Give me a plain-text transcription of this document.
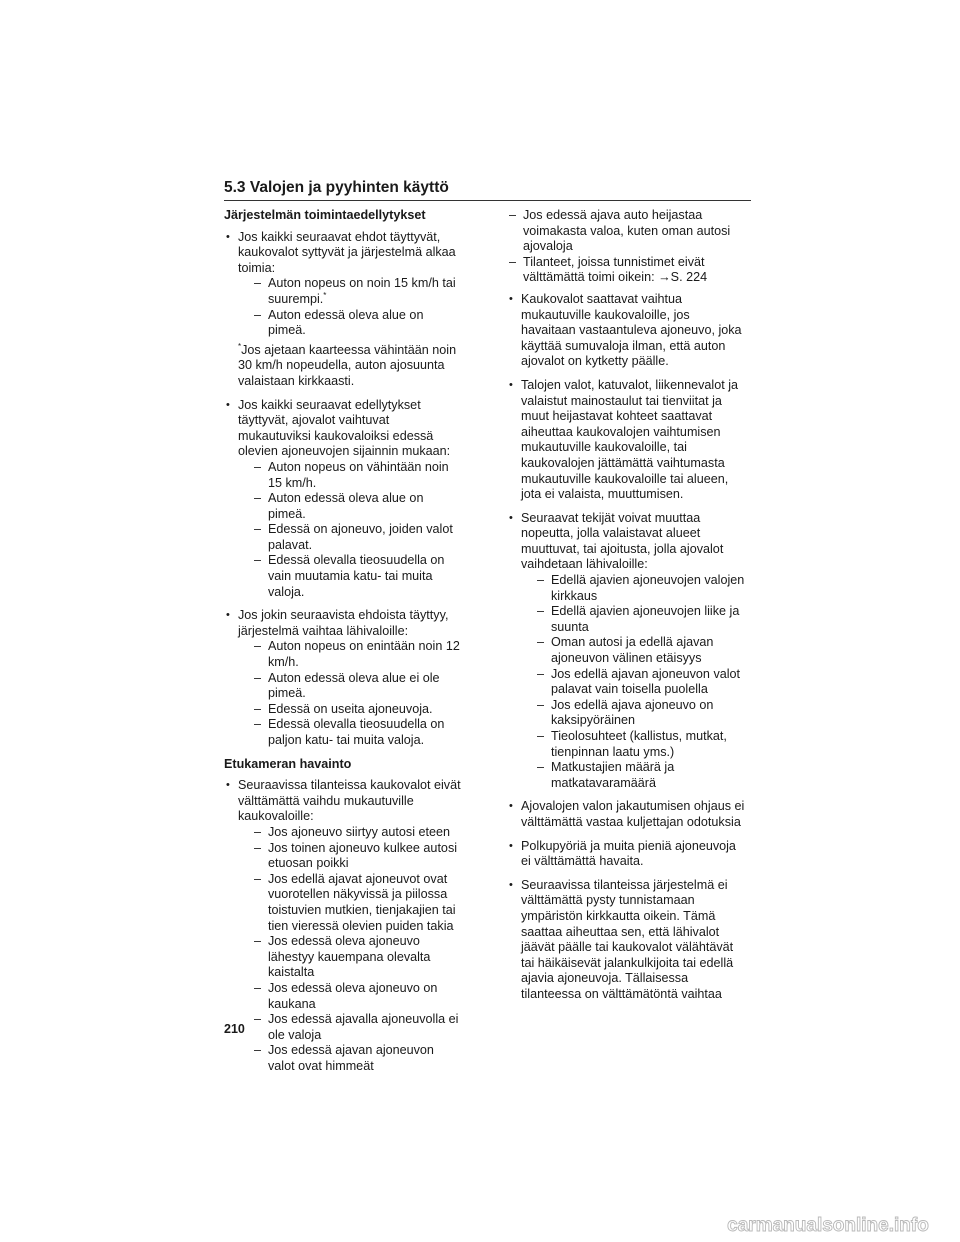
5.3 Valojen ja pyyhinten käyttö
Järjestelmän toimintaedellytykset
• Jos kaikki seuraavat ehdot täyttyvät, kaukovalot syttyvät ja järjestelmä alkaa toimia:
– Auton nopeus on noin 15 km/h tai suurempi.*
– Auton edessä oleva alue on pimeä.
*Jos ajetaan kaarteessa vähintään noin 30 km/h nopeudella, auton ajosuunta valaistaan kirkkaasti.
• Jos kaikki seuraavat edellytykset täyttyvät, ajovalot vaihtuvat mukautuviksi kaukovaloiksi edessä olevien ajoneuvojen sijainnin mukaan:
– Auton nopeus on vähintään noin 15 km/h.
– Auton edessä oleva alue on pimeä.
– Edessä on ajoneuvo, joiden valot palavat.
– Edessä olevalla tieosuudella on vain muutamia katu- tai muita valoja.
• Jos jokin seuraavista ehdoista täyttyy, järjestelmä vaihtaa lähivaloille:
– Auton nopeus on enintään noin 12 km/h.
– Auton edessä oleva alue ei ole pimeä.
– Edessä on useita ajoneuvoja.
– Edessä olevalla tieosuudella on paljon katu- tai muita valoja.
Etukameran havainto
• Seuraavissa tilanteissa kaukovalot eivät välttämättä vaihdu mukautuville kaukovaloille:
– Jos ajoneuvo siirtyy autosi eteen
– Jos toinen ajoneuvo kulkee autosi etuosan poikki
– Jos edellä ajavat ajoneuvot ovat vuorotellen näkyvissä ja piilossa toistuvien mutkien, tienjakajien tai tien vieressä olevien puiden takia
– Jos edessä oleva ajoneuvo lähestyy kauempana olevalta kaistalta
– Jos edessä oleva ajoneuvo on kaukana
– Jos edessä ajavalla ajoneuvolla ei ole valoja
– Jos edessä ajavan ajoneuvon valot ovat himmeät
– Jos edessä ajava auto heijastaa voimakasta valoa, kuten oman autosi ajovaloja
– Tilanteet, joissa tunnistimet eivät välttämättä toimi oikein: →S. 224
• Kaukovalot saattavat vaihtua mukautuville kaukovaloille, jos havaitaan vastaantuleva ajoneuvo, joka käyttää sumuvaloja ilman, että auton ajovalot on kytketty päälle.
• Talojen valot, katuvalot, liikennevalot ja valaistut mainostaulut tai tienviitat ja muut heijastavat kohteet saattavat aiheuttaa kaukovalojen vaihtumisen mukautuville kaukovaloille, tai kaukovalojen jättämättä vaihtumasta mukautuville kaukovaloille tai alueen, jota ei valaista, muuttumisen.
• Seuraavat tekijät voivat muuttaa nopeutta, jolla valaistavat alueet muuttuvat, tai ajoitusta, jolla ajovalot vaihdetaan lähivaloille:
– Edellä ajavien ajoneuvojen valojen kirkkaus
– Edellä ajavien ajoneuvojen liike ja suunta
– Oman autosi ja edellä ajavan ajoneuvon välinen etäisyys
– Jos edellä ajavan ajoneuvon valot palavat vain toisella puolella
– Jos edellä ajava ajoneuvo on kaksipyöräinen
– Tieolosuhteet (kallistus, mutkat, tienpinnan laatu yms.)
– Matkustajien määrä ja matkatavaramäärä
• Ajovalojen valon jakautumisen ohjaus ei välttämättä vastaa kuljettajan odotuksia
• Polkupyöriä ja muita pieniä ajoneuvoja ei välttämättä havaita.
• Seuraavissa tilanteissa järjestelmä ei välttämättä pysty tunnistamaan ympäristön kirkkautta oikein. Tämä saattaa aiheuttaa sen, että lähivalot jäävät päälle tai kaukovalot välähtävät tai häikäisevät jalankulkijoita tai edellä ajavia ajoneuvoja. Tällaisessa tilanteessa on välttämätöntä vaihtaa
210
carmanualsonline.info
